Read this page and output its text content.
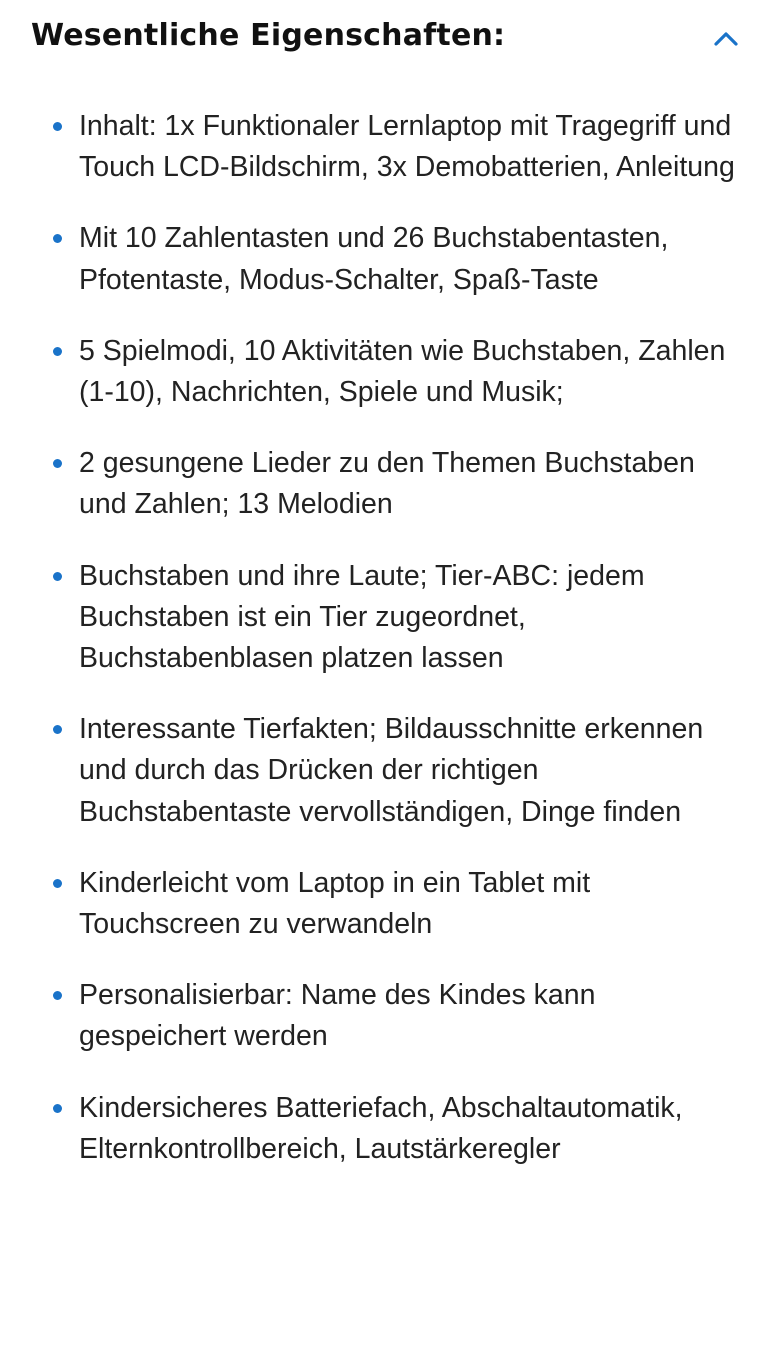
Wesentliche Eigenschaften:
Inhalt: 1x Funktionaler Lernlaptop mit Tragegriff und Touch LCD-Bildschirm, 3x Demobatterien, Anleitung
Mit 10 Zahlentasten und 26 Buchstabentasten, Pfotentaste, Modus-Schalter, Spaß-Taste
5 Spielmodi, 10 Aktivitäten wie Buchstaben, Zahlen (1-10), Nachrichten, Spiele und Musik;
2 gesungene Lieder zu den Themen Buchstaben und Zahlen; 13 Melodien
Buchstaben und ihre Laute; Tier-ABC: jedem Buchstaben ist ein Tier zugeordnet, Buchstabenblasen platzen lassen
Interessante Tierfakten; Bildausschnitte erkennen und durch das Drücken der richtigen Buchstabentaste vervollständigen, Dinge finden
Kinderleicht vom Laptop in ein Tablet mit Touchscreen zu verwandeln
Personalisierbar: Name des Kindes kann gespeichert werden
Kindersicheres Batteriefach, Abschaltautomatik, Elternkontrollbereich, Lautstärkeregler
